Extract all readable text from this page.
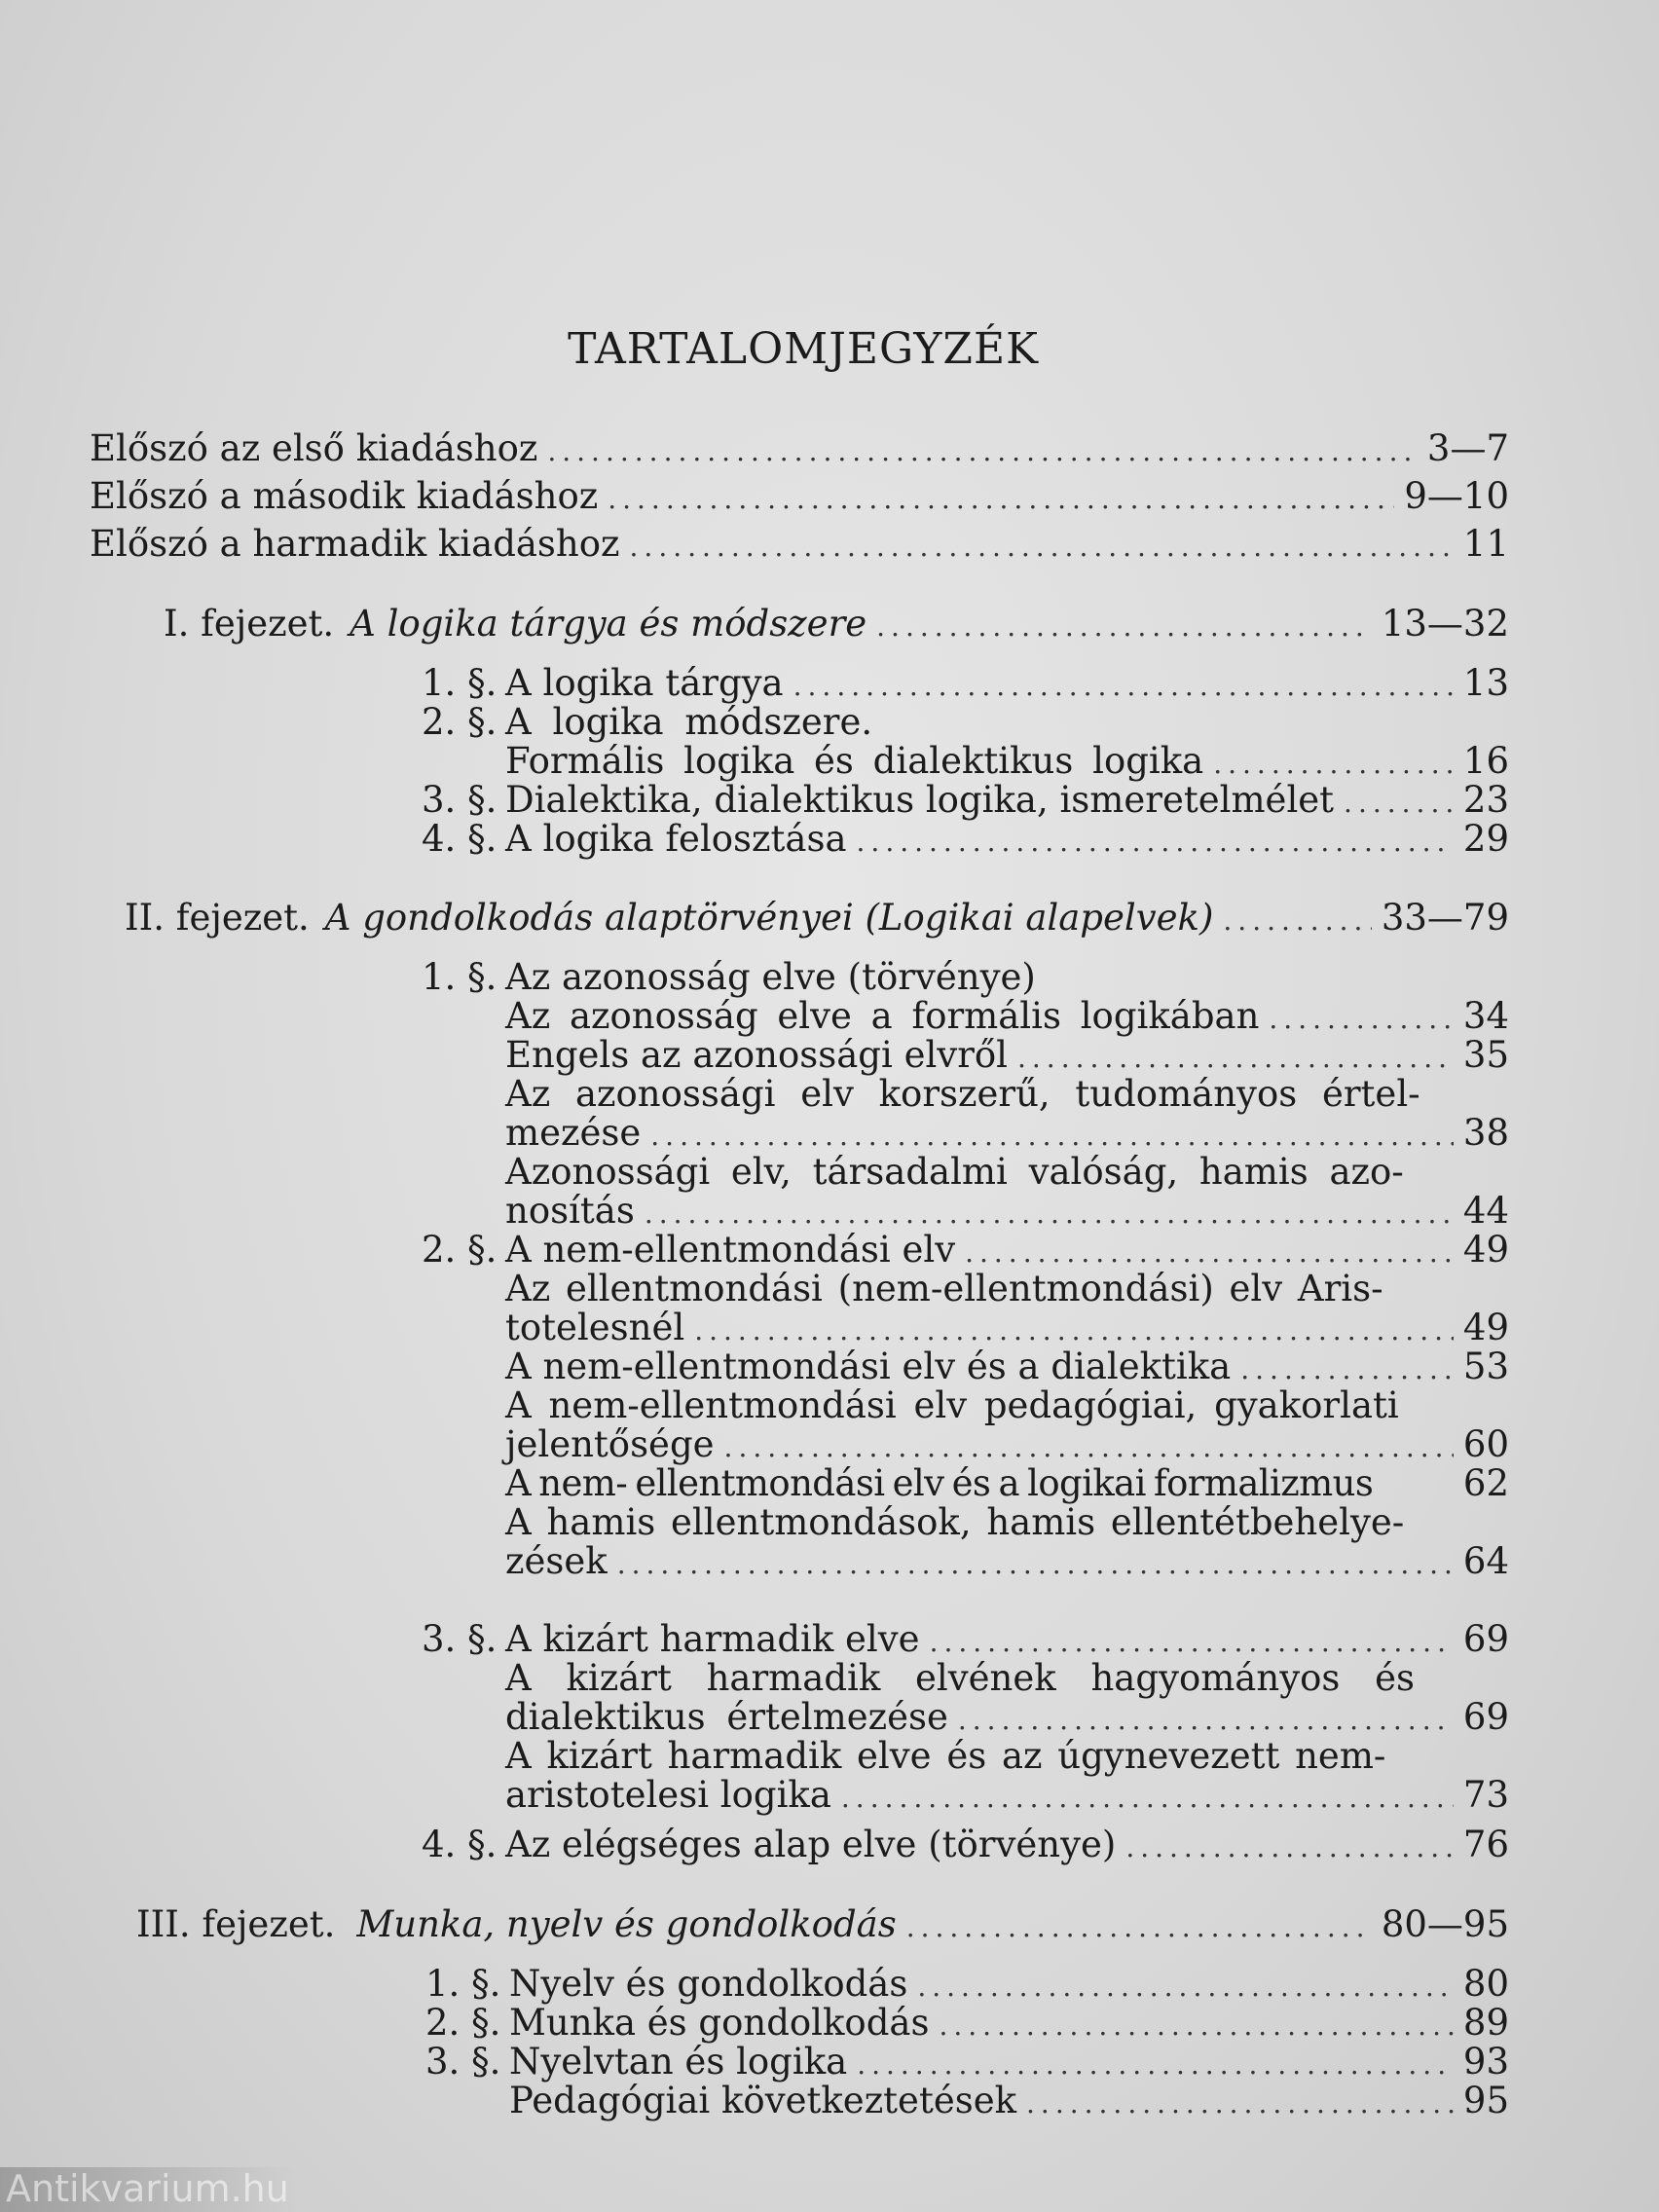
TARTALOMJEGYZÉK
Előszó az első kiadáshoz .....	3—7
Előszó a második kiadáshoz .....	9—10
Előszó a harmadik kiadáshoz .....	11
I. fejezet. A logika tárgya és módszere .....	13—32
1. §. A logika tárgya .....	13
2. §. A logika módszere.
Formális logika és dialektikus logika .....	16
3. §. Dialektika, dialektikus logika, ismeretelmélet .....	23
4. §. A logika felosztása .....	29
II. fejezet. A gondolkodás alaptörvényei (Logikai alapelvek) .....	33—79
1. §. Az azonosság elve (törvénye)
Az azonosság elve a formális logikában .....	34
Engels az azonossági elvről .....	35
Az azonossági elv korszerű, tudományos értel-
mezése .....	38
Azonossági elv, társadalmi valóság, hamis azo-
nosítás .....	44
2. §. A nem-ellentmondási elv .....	49
Az ellentmondási (nem-ellentmondási) elv Aris-
totelesnél .....	49
A nem-ellentmondási elv és a dialektika .....	53
A nem-ellentmondási elv pedagógiai, gyakorlati
jelentősége .....	60
A nem- ellentmondási elv és a logikai formalizmus	62
A hamis ellentmondások, hamis ellentétbehelye-
zések .....	64
3. §. A kizárt harmadik elve .....	69
A kizárt harmadik elvének hagyományos és
dialektikus értelmezése .....	69
A kizárt harmadik elve és az úgynevezett nem-
aristotelesi logika .....	73
4. §. Az elégséges alap elve (törvénye) .....	76
III. fejezet. Munka, nyelv és gondolkodás .....	80—95
1. §. Nyelv és gondolkodás .....	80
2. §. Munka és gondolkodás .....	89
3. §. Nyelvtan és logika .....	93
Pedagógiai következtetések .....	95
Antikvarium.hu
